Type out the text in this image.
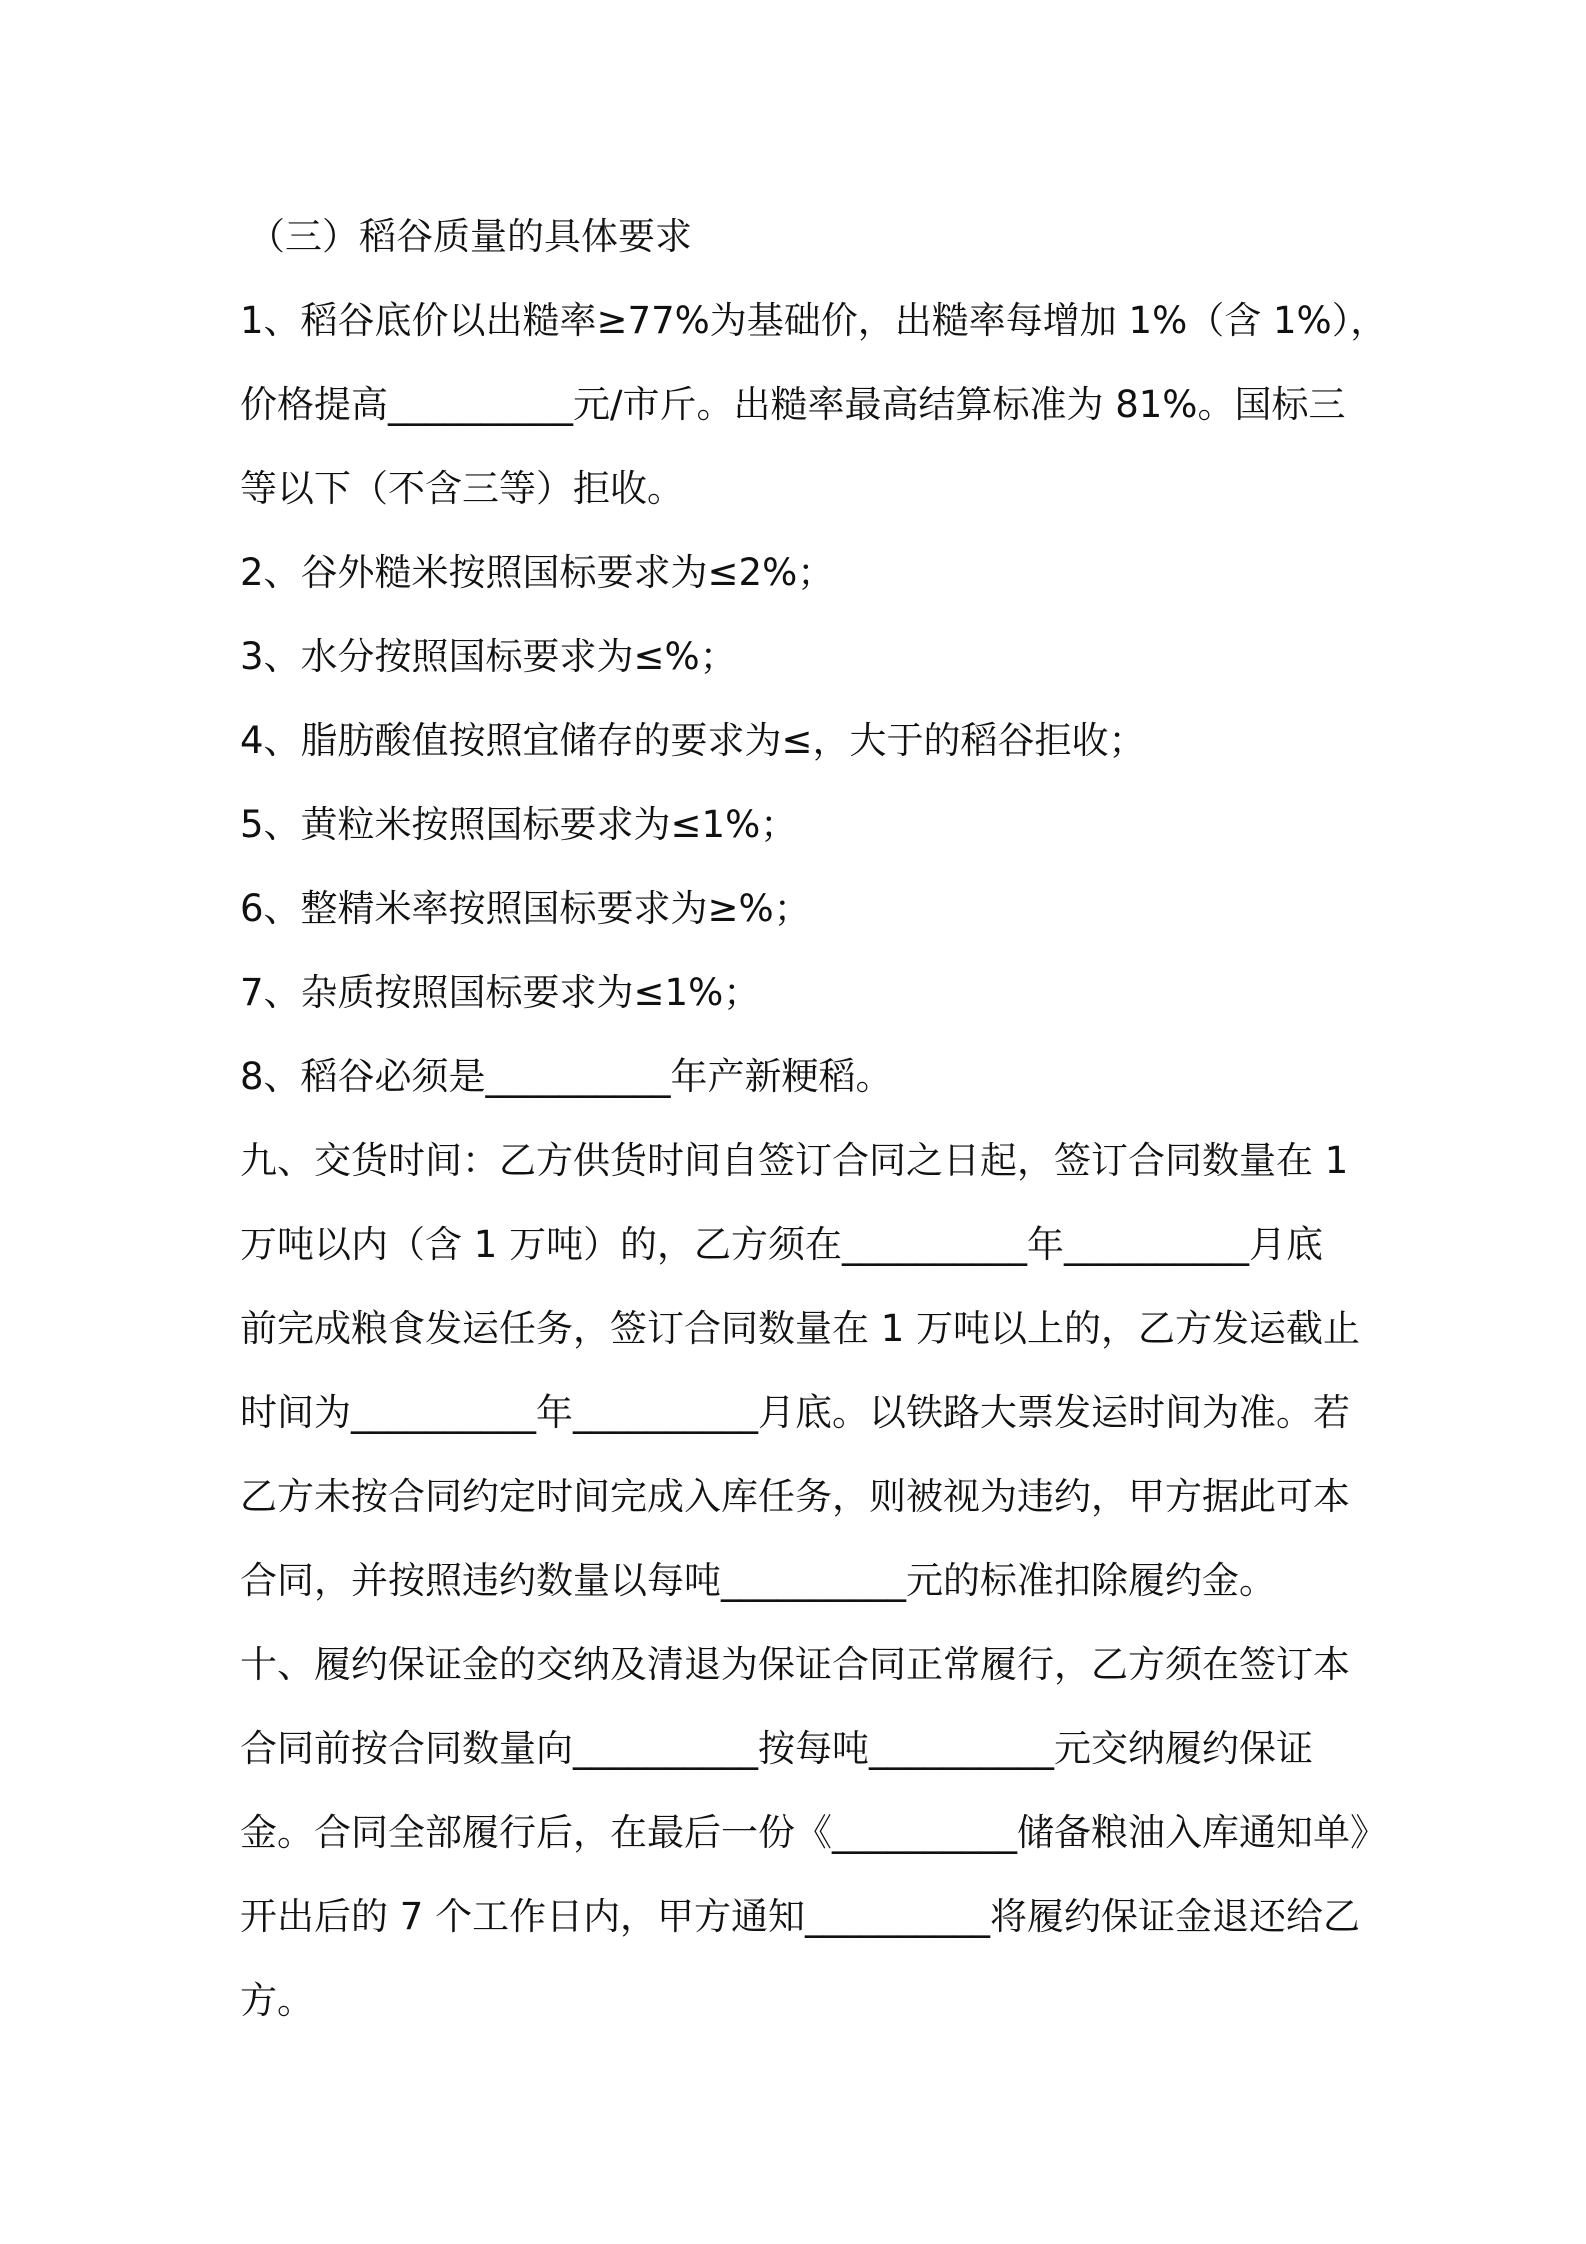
（三）稻谷质量的具体要求
1、稻谷底价以出糙率≥77%为基础价，出糙率每增加 1%（含 1%），
价格提高__________元/市斤。出糙率最高结算标准为 81%。国标三
等以下（不含三等）拒收。
2、谷外糙米按照国标要求为≤2%；
3、水分按照国标要求为≤%；
4、脂肪酸值按照宜储存的要求为≤，大于的稻谷拒收；
5、黄粒米按照国标要求为≤1%；
6、整精米率按照国标要求为≥%；
7、杂质按照国标要求为≤1%；
8、稻谷必须是__________年产新粳稻。
九、交货时间：乙方供货时间自签订合同之日起，签订合同数量在 1
万吨以内（含 1 万吨）的，乙方须在__________年__________月底
前完成粮食发运任务，签订合同数量在 1 万吨以上的，乙方发运截止
时间为__________年__________月底。以铁路大票发运时间为准。若
乙方未按合同约定时间完成入库任务，则被视为违约，甲方据此可本
合同，并按照违约数量以每吨__________元的标准扣除履约金。
十、履约保证金的交纳及清退为保证合同正常履行，乙方须在签订本
合同前按合同数量向__________按每吨__________元交纳履约保证
金。合同全部履行后，在最后一份《__________储备粮油入库通知单》
开出后的 7 个工作日内，甲方通知__________将履约保证金退还给乙
方。
